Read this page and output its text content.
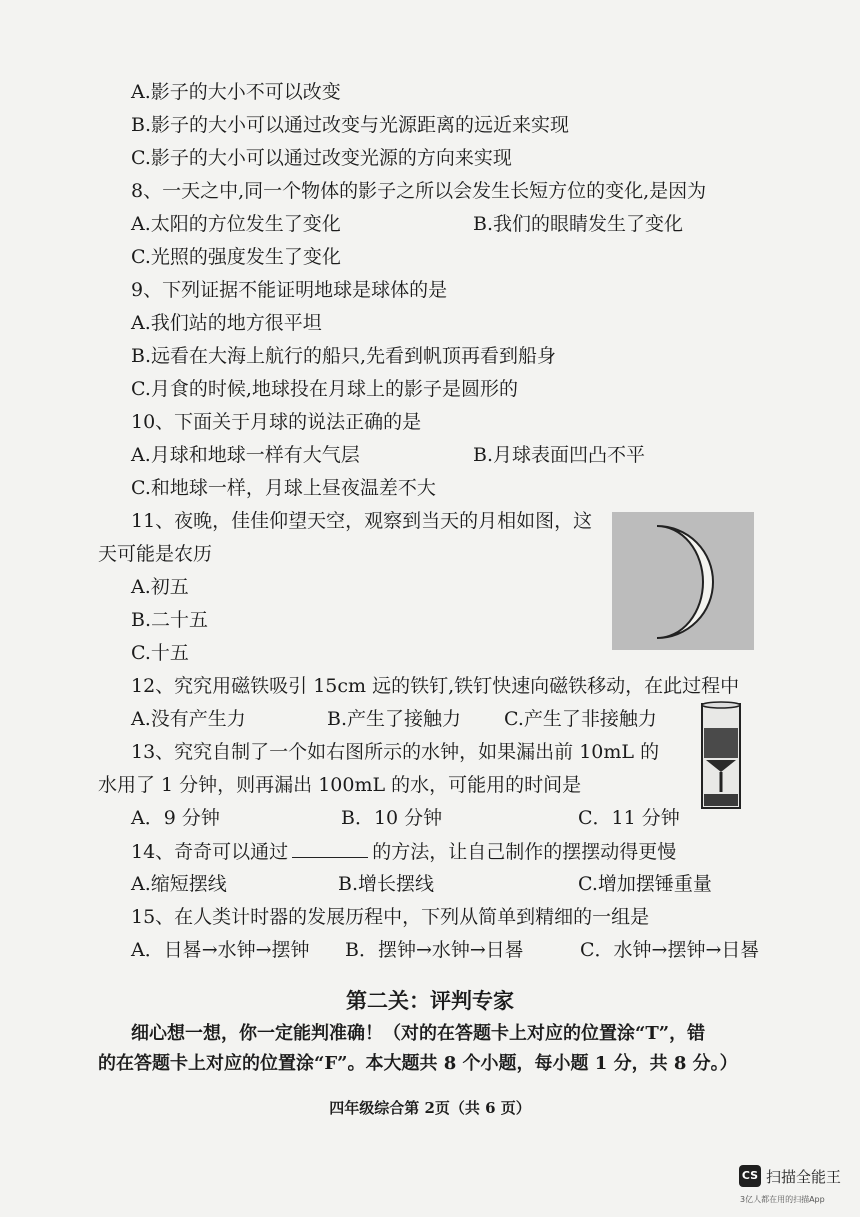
A.影子的大小不可以改变
B.影子的大小可以通过改变与光源距离的远近来实现
C.影子的大小可以通过改变光源的方向来实现
8、一天之中,同一个物体的影子之所以会发生长短方位的变化,是因为
A.太阳的方位发生了变化	B.我们的眼睛发生了变化
C.光照的强度发生了变化
9、下列证据不能证明地球是球体的是
A.我们站的地方很平坦
B.远看在大海上航行的船只,先看到帆顶再看到船身
C.月食的时候,地球投在月球上的影子是圆形的
10、下面关于月球的说法正确的是
A.月球和地球一样有大气层	B.月球表面凹凸不平
C.和地球一样，月球上昼夜温差不大
11、夜晚，佳佳仰望天空，观察到当天的月相如图，这
天可能是农历
A.初五
B.二十五
C.十五
12、究究用磁铁吸引 15cm 远的铁钉,铁钉快速向磁铁移动，在此过程中
A.没有产生力	B.产生了接触力 C.产生了非接触力
13、究究自制了一个如右图所示的水钟，如果漏出前 10mL 的
水用了 1 分钟，则再漏出 100mL 的水，可能用的时间是
A．9 分钟	B．10 分钟	C．11 分钟
14、奇奇可以通过	的方法，让自己制作的摆摆动得更慢
A.缩短摆线	B.增长摆线	C.增加摆锤重量
15、在人类计时器的发展历程中，下列从简单到精细的一组是
A．日晷→水钟→摆钟 B．摆钟→水钟→日晷	C．水钟→摆钟→日晷
第二关：评判专家
细心想一想，你一定能判准确！（对的在答题卡上对应的位置涂“T”，错
的在答题卡上对应的位置涂“F”。本大题共 8 个小题，每小题 1 分，共 8 分。）
四年级综合第 2页（共 6 页）
CS 扫描全能王
3亿人都在用的扫描App
